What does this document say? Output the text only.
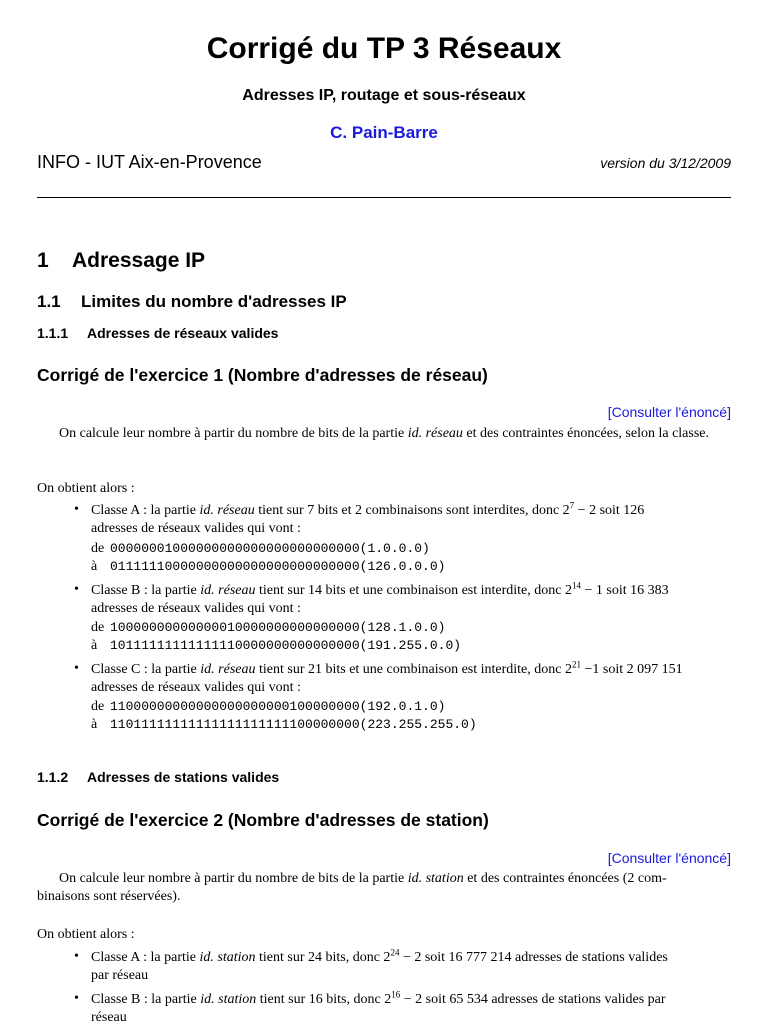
Corrigé du TP 3 Réseaux
Adresses IP, routage et sous-réseaux
C. Pain-Barre
INFO - IUT Aix-en-Provence	version du 3/12/2009
1 Adressage IP
1.1 Limites du nombre d'adresses IP
1.1.1 Adresses de réseaux valides
Corrigé de l'exercice 1 (Nombre d'adresses de réseau)
[Consulter l'énoncé]
On calcule leur nombre à partir du nombre de bits de la partie id. réseau et des contraintes énoncées, selon la classe.
On obtient alors :
• Classe A : la partie id. réseau tient sur 7 bits et 2 combinaisons sont interdites, donc $2^7 - 2$ soit 126
adresses de réseaux valides qui vont :
de 00000001000000000000000000000000(1.0.0.0)
à 01111110000000000000000000000000(126.0.0.0)
• Classe B : la partie id. réseau tient sur 14 bits et une combinaison est interdite, donc $2^{14} - 1$ soit 16 383
adresses de réseaux valides qui vont :
de 10000000000000010000000000000000(128.1.0.0)
à 10111111111111110000000000000000(191.255.0.0)
• Classe C : la partie id. réseau tient sur 21 bits et une combinaison est interdite, donc $2^{21} -1$ soit 2 097 151
adresses de réseaux valides qui vont :
de 11000000000000000000000100000000(192.0.1.0)
à 11011111111111111111111100000000(223.255.255.0)
1.1.2 Adresses de stations valides
Corrigé de l'exercice 2 (Nombre d'adresses de station)
[Consulter l'énoncé]
On calcule leur nombre à partir du nombre de bits de la partie id. station et des contraintes énoncées (2 com-
binaisons sont réservées).
On obtient alors :
• Classe A : la partie id. station tient sur 24 bits, donc $2^{24} - 2$ soit 16 777 214 adresses de stations valides
par réseau
• Classe B : la partie id. station tient sur 16 bits, donc $2^{16} - 2$ soit 65 534 adresses de stations valides par
réseau
